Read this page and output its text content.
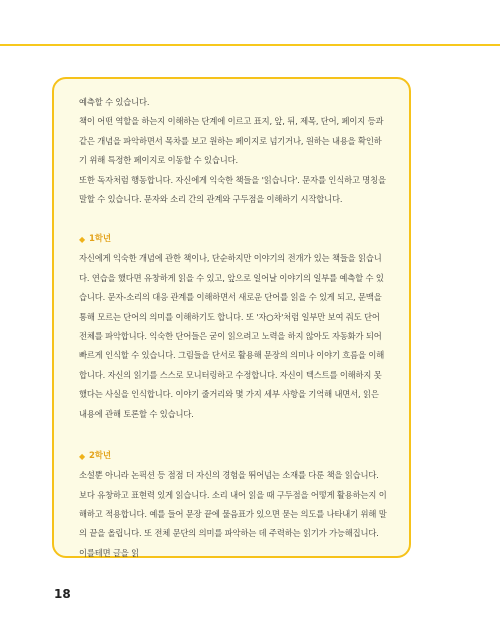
예측할 수 있습니다.

책이 어떤 역할을 하는지 이해하는 단계에 이르고 표지, 앞, 뒤, 제목, 단어, 페이지 등과 같은 개념을 파악하면서 목차를 보고 원하는 페이지로 넘기거나, 원하는 내용을 확인하기 위해 특정한 페이지로 이동할 수 있습니다.

또한 독자처럼 행동합니다. 자신에게 익숙한 책들을 '읽습니다'. 문자를 인식하고 명칭을 말할 수 있습니다. 문자와 소리 간의 관계와 구두점을 이해하기 시작합니다.

◆ 1학년

자신에게 익숙한 개념에 관한 책이나, 단순하지만 이야기의 전개가 있는 책들을 읽습니다. 연습을 했다면 유창하게 읽을 수 있고, 앞으로 일어날 이야기의 일부를 예측할 수 있습니다. 문자-소리의 대응 관계를 이해하면서 새로운 단어를 읽을 수 있게 되고, 문맥을 통해 모르는 단어의 의미를 이해하기도 합니다. 또 '자○차'처럼 일부만 보여 줘도 단어 전체를 파악합니다. 익숙한 단어들은 굳이 읽으려고 노력을 하지 않아도 자동화가 되어 빠르게 인식할 수 있습니다. 그림들을 단서로 활용해 문장의 의미나 이야기 흐름을 이해합니다. 자신의 읽기를 스스로 모니터링하고 수정합니다. 자신이 텍스트를 이해하지 못했다는 사실을 인식합니다. 이야기 줄거리와 몇 가지 세부 사항을 기억해 내면서, 읽은 내용에 관해 토론할 수 있습니다.

◆ 2학년

소설뿐 아니라 논픽션 등 점점 더 자신의 경험을 뛰어넘는 소재를 다룬 책을 읽습니다. 보다 유창하고 표현력 있게 읽습니다. 소리 내어 읽을 때 구두점을 어떻게 활용하는지 이해하고 적용합니다. 예를 들어 문장 끝에 물음표가 있으면 묻는 의도를 나타내기 위해 말의 끝을 올립니다. 또 전체 문단의 의미를 파악하는 데 주력하는 읽기가 가능해집니다. 이를테면 글을 읽

18
